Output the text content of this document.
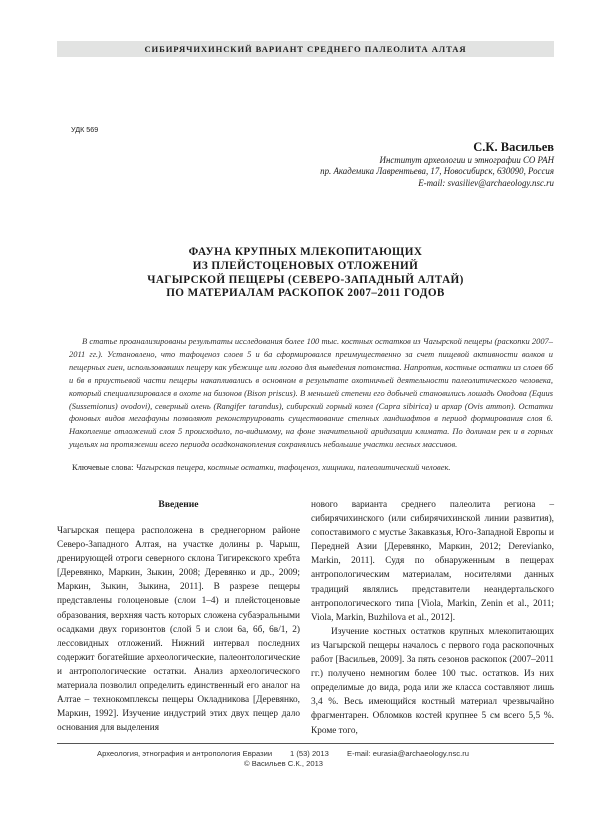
СИБИРЯЧИХИНСКИЙ ВАРИАНТ СРЕДНЕГО ПАЛЕОЛИТА АЛТАЯ
УДК 569
С.К. Васильев
Институт археологии и этнографии СО РАН
пр. Академика Лаврентьева, 17, Новосибирск, 630090, Россия
E-mail: svasiliev@archaeology.nsc.ru
ФАУНА КРУПНЫХ МЛЕКОПИТАЮЩИХ
ИЗ ПЛЕЙСТОЦЕНОВЫХ ОТЛОЖЕНИЙ
ЧАГЫРСКОЙ ПЕЩЕРЫ (СЕВЕРО-ЗАПАДНЫЙ АЛТАЙ)
ПО МАТЕРИАЛАМ РАСКОПОК 2007–2011 ГОДОВ
В статье проанализированы результаты исследования более 100 тыс. костных остатков из Чагырской пещеры (раскопки 2007–2011 гг.). Установлено, что тафоценоз слоев 5 и 6а сформировался преимущественно за счет пищевой активности волков и пещерных гиен, использовавших пещеру как убежище или логово для выведения потомства. Напротив, костные остатки из слоев 6б и 6в в приустьевой части пещеры накапливались в основном в результате охотничьей деятельности палеолитического человека, который специализировался в охоте на бизонов (Bison priscus). В меньшей степени его добычей становились лошадь Оводова (Equus (Sussemionus) ovodovi), северный олень (Rangifer tarandus), сибирский горный козел (Capra sibirica) и архар (Ovis ammon). Остатки фоновых видов мегафауны позволяют реконструировать существование степных ландшафтов в период формирования слоя 6. Накопление отложений слоя 5 происходило, по-видимому, на фоне значительной аридизации климата. По долинам рек и в горных ущельях на протяжении всего периода осадконакопления сохранялись небольшие участки лесных массивов.
Ключевые слова: Чагырская пещера, костные остатки, тафоценоз, хищники, палеолитический человек.
Введение
Чагырская пещера расположена в среднегорном районе Северо-Западного Алтая, на участке долины р. Чарыш, дренирующей отроги северного склона Тигирекского хребта [Деревянко, Маркин, Зыкин, 2008; Деревянко и др., 2009; Маркин, Зыкин, Зыкина, 2011]. В разрезе пещеры представлены голоценовые (слои 1–4) и плейстоценовые образования, верхняя часть которых сложена субаэральными осадками двух горизонтов (слой 5 и слои 6а, 6б, 6в/1, 2) лессовидных отложений. Нижний интервал последних содержит богатейшие археологические, палеонтологические и антропологические остатки. Анализ археологического материала позволил определить единственный его аналог на Алтае – технокомплексы пещеры Окладникова [Деревянко, Маркин, 1992]. Изучение индустрий этих двух пещер дало основания для выделения
нового варианта среднего палеолита региона – сибирячихинского (или сибирячихинской линии развития), сопоставимого с мустье Закавказья, Юго-Западной Европы и Передней Азии [Деревянко, Маркин, 2012; Derevianko, Markin, 2011]. Судя по обнаруженным в пещерах антропологическим материалам, носителями данных традиций являлись представители неандертальского антропологического типа [Viola, Markin, Zenin et al., 2011; Viola, Markin, Buzhilova et al., 2012].
Изучение костных остатков крупных млекопитающих из Чагырской пещеры началось с первого года раскопочных работ [Васильев, 2009]. За пять сезонов раскопок (2007–2011 гг.) получено немногим более 100 тыс. остатков. Из них определимые до вида, рода или же класса составляют лишь 3,4 %. Весь имеющийся костный материал чрезвычайно фрагментарен. Обломков костей крупнее 5 см всего 5,5 %. Кроме того,
Археология, этнография и антропология Евразии 1 (53) 2013 E-mail: eurasia@archaeology.nsc.ru
© Васильев С.К., 2013
